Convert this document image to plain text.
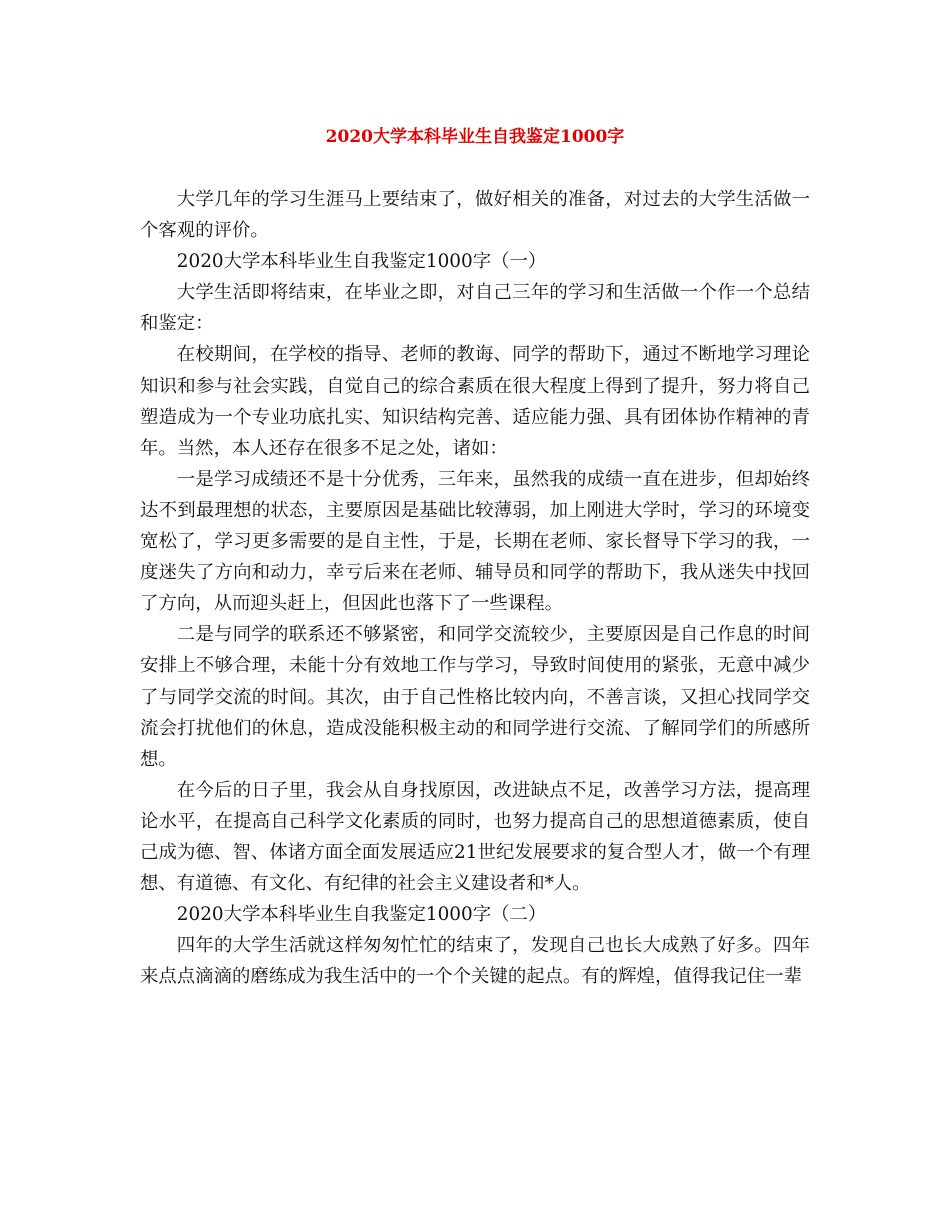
2020大学本科毕业生自我鉴定1000字

大学几年的学习生涯马上要结束了，做好相关的准备，对过去的大学生活做一个客观的评价。

2020大学本科毕业生自我鉴定1000字（一）

大学生活即将结束，在毕业之即，对自己三年的学习和生活做一个作一个总结和鉴定：

在校期间，在学校的指导、老师的教诲、同学的帮助下，通过不断地学习理论知识和参与社会实践，自觉自己的综合素质在很大程度上得到了提升，努力将自己塑造成为一个专业功底扎实、知识结构完善、适应能力强、具有团体协作精神的青年。当然，本人还存在很多不足之处，诸如：

一是学习成绩还不是十分优秀，三年来，虽然我的成绩一直在进步，但却始终达不到最理想的状态，主要原因是基础比较薄弱，加上刚进大学时，学习的环境变宽松了，学习更多需要的是自主性，于是，长期在老师、家长督导下学习的我，一度迷失了方向和动力，幸亏后来在老师、辅导员和同学的帮助下，我从迷失中找回了方向，从而迎头赶上，但因此也落下了一些课程。

二是与同学的联系还不够紧密，和同学交流较少，主要原因是自己作息的时间安排上不够合理，未能十分有效地工作与学习，导致时间使用的紧张，无意中减少了与同学交流的时间。其次，由于自己性格比较内向，不善言谈，又担心找同学交流会打扰他们的休息，造成没能积极主动的和同学进行交流、了解同学们的所感所想。

在今后的日子里，我会从自身找原因，改进缺点不足，改善学习方法，提高理论水平，在提高自己科学文化素质的同时，也努力提高自己的思想道德素质，使自己成为德、智、体诸方面全面发展适应21世纪发展要求的复合型人才，做一个有理想、有道德、有文化、有纪律的社会主义建设者和*人。

2020大学本科毕业生自我鉴定1000字（二）

四年的大学生活就这样匆匆忙忙的结束了，发现自己也长大成熟了好多。四年来点点滴滴的磨练成为我生活中的一个个关键的起点。有的辉煌，值得我记住一辈
